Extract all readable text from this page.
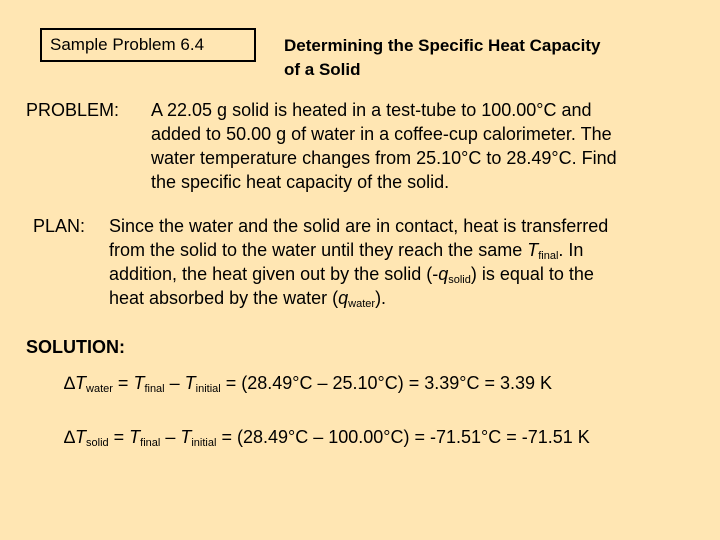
Sample Problem 6.4	Determining the Specific Heat Capacity
of a Solid
PROBLEM: A 22.05 g solid is heated in a test-tube to 100.00°C and
added to 50.00 g of water in a coffee-cup calorimeter. The
water temperature changes from 25.10°C to 28.49°C. Find
the specific heat capacity of the solid.
PLAN: Since the water and the solid are in contact, heat is transferred
from the solid to the water until they reach the same $T_{final}$. In
addition, the heat given out by the solid $(-q_{solid})$ is equal to the
heat absorbed by the water $(q_{water})$.
SOLUTION:
$\Delta T_{water} = T_{final} - T_{initial} = (28.49^\circ C - 25.10^\circ C) = 3.39^\circ C = 3.39$ K
$\Delta T_{solid} = T_{final} - T_{initial} = (28.49^\circ C - 100.00^\circ C) = -71.51^\circ C = -71.51$ K
